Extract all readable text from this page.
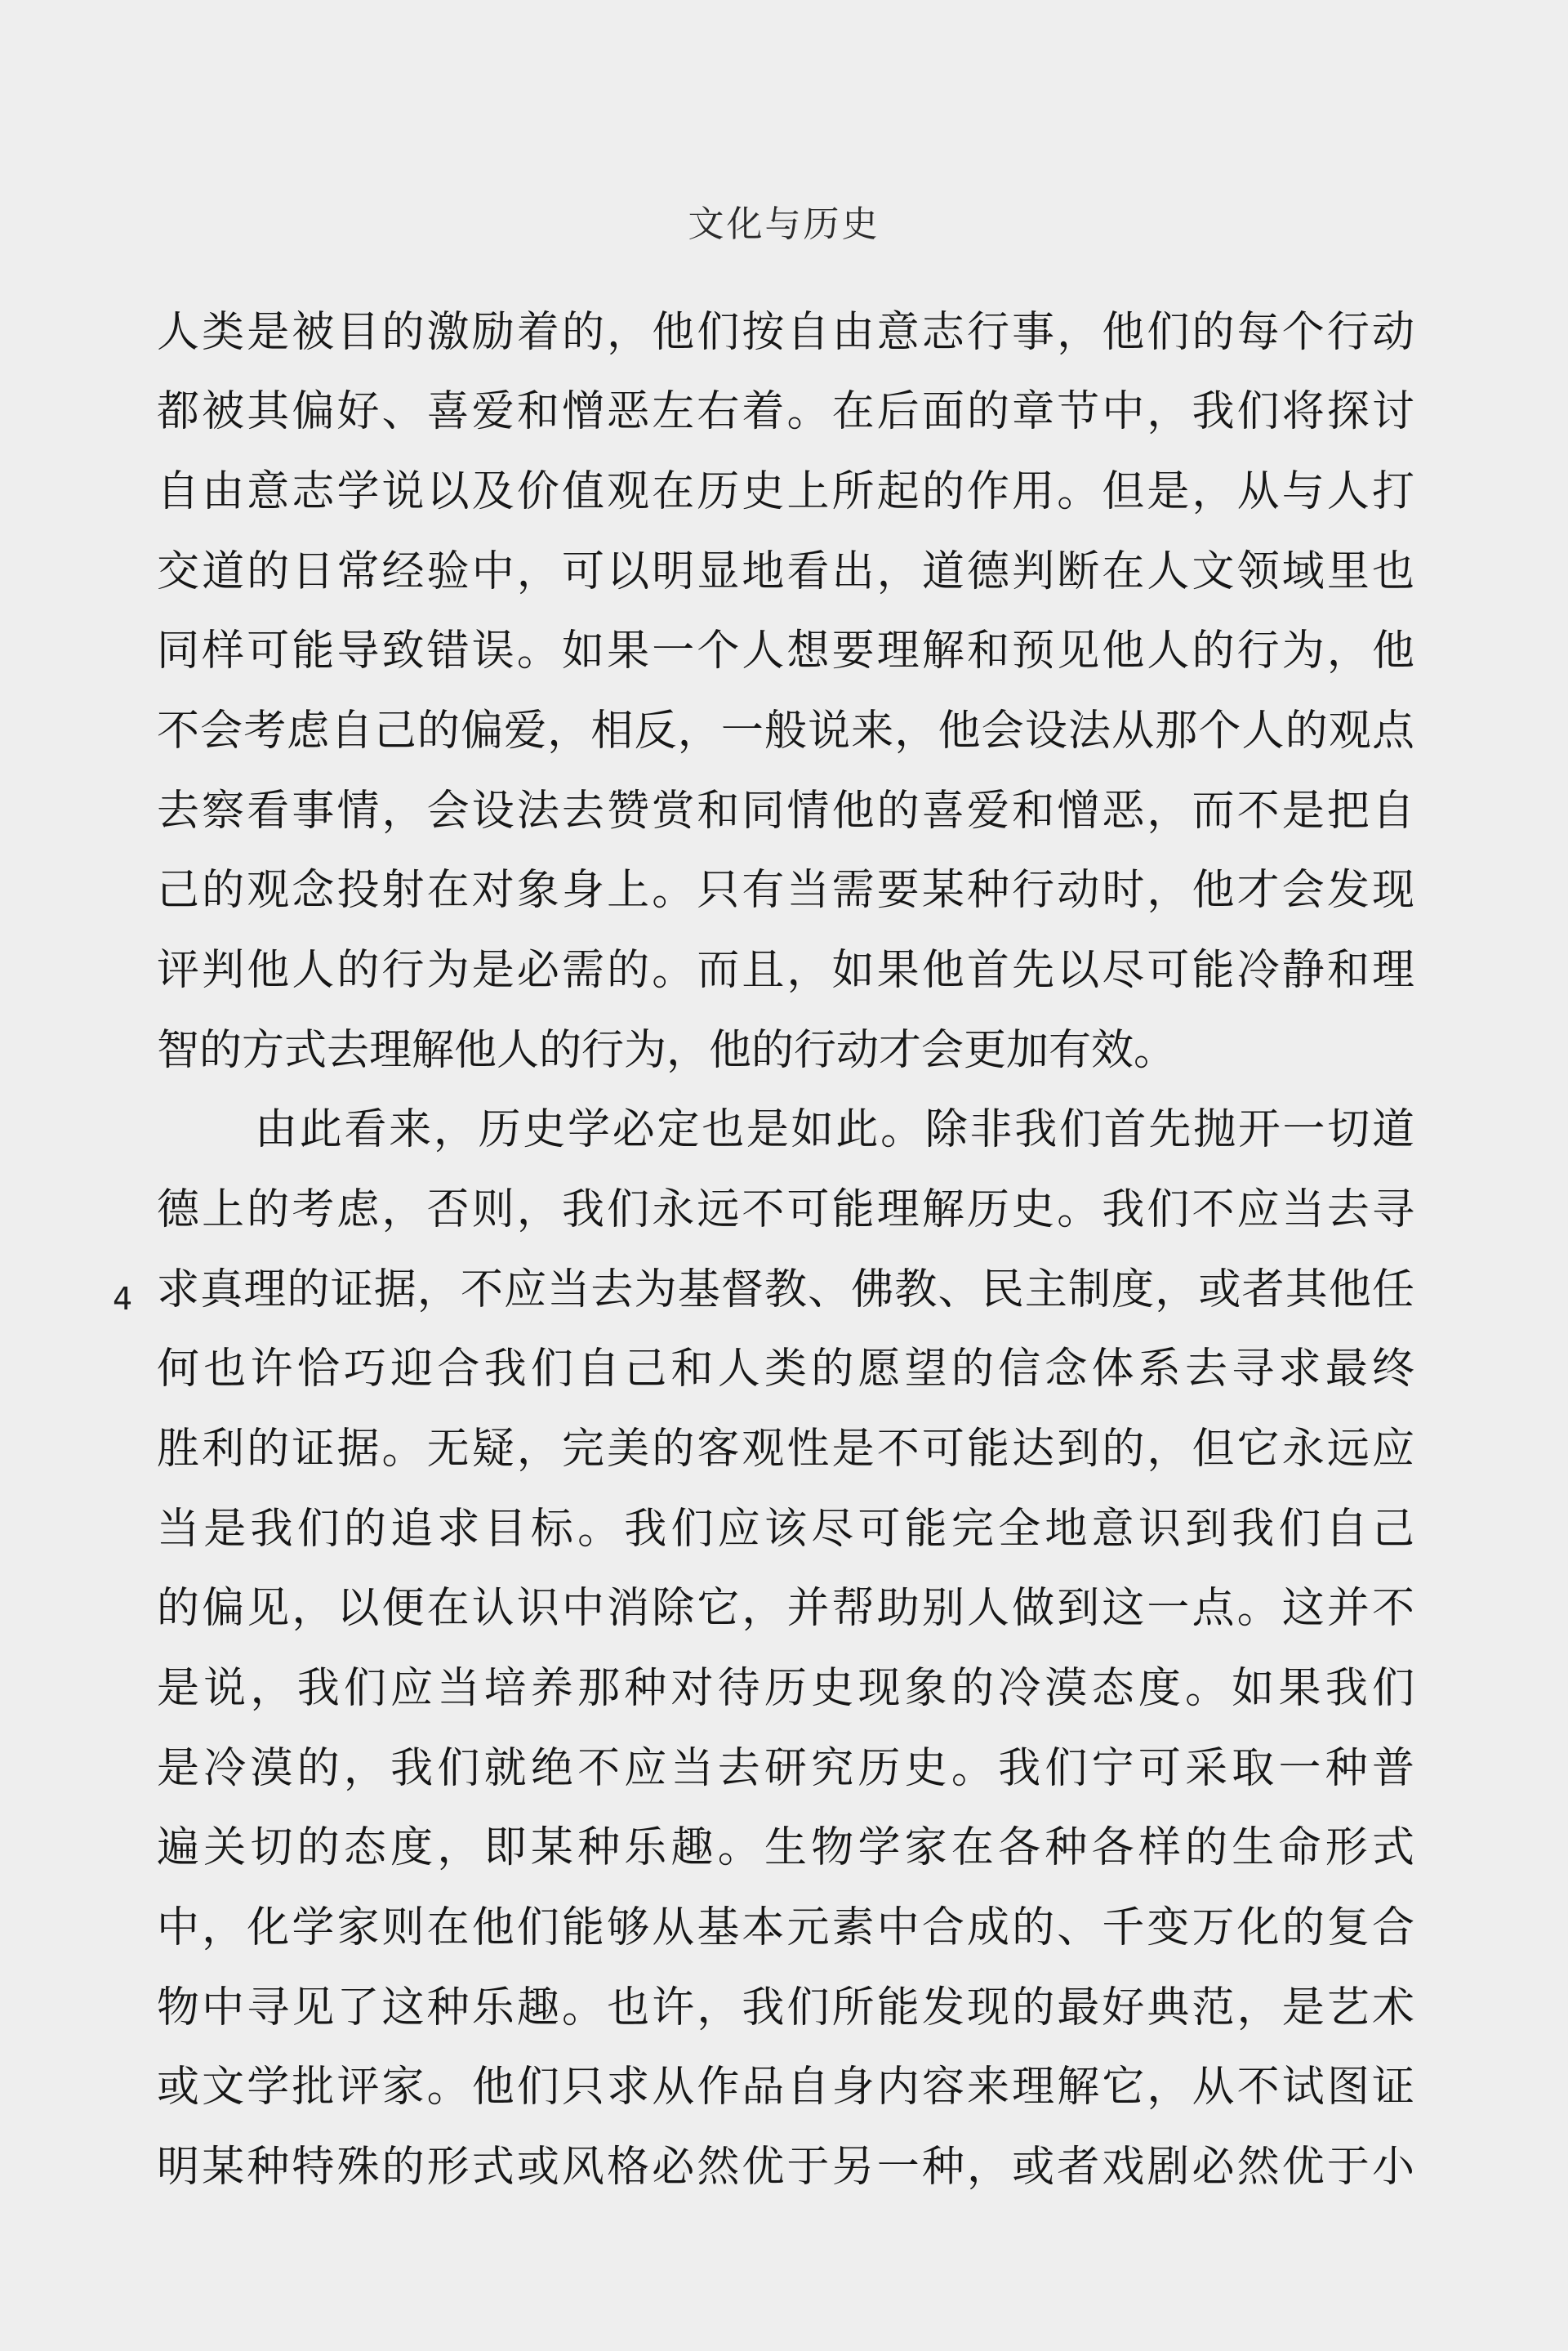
文化与历史
4
人类是被目的激励着的，他们按自由意志行事，他们的每个行动
都被其偏好、喜爱和憎恶左右着。在后面的章节中，我们将探讨
自由意志学说以及价值观在历史上所起的作用。但是，从与人打
交道的日常经验中，可以明显地看出，道德判断在人文领域里也
同样可能导致错误。如果一个人想要理解和预见他人的行为，他
不会考虑自己的偏爱，相反，一般说来，他会设法从那个人的观点
去察看事情，会设法去赞赏和同情他的喜爱和憎恶，而不是把自
己的观念投射在对象身上。只有当需要某种行动时，他才会发现
评判他人的行为是必需的。而且，如果他首先以尽可能冷静和理
智的方式去理解他人的行为，他的行动才会更加有效。
由此看来，历史学必定也是如此。除非我们首先抛开一切道
德上的考虑，否则，我们永远不可能理解历史。我们不应当去寻
求真理的证据，不应当去为基督教、佛教、民主制度，或者其他任
何也许恰巧迎合我们自己和人类的愿望的信念体系去寻求最终
胜利的证据。无疑，完美的客观性是不可能达到的，但它永远应
当是我们的追求目标。我们应该尽可能完全地意识到我们自己
的偏见，以便在认识中消除它，并帮助别人做到这一点。这并不
是说，我们应当培养那种对待历史现象的冷漠态度。如果我们
是冷漠的，我们就绝不应当去研究历史。我们宁可采取一种普
遍关切的态度，即某种乐趣。生物学家在各种各样的生命形式
中，化学家则在他们能够从基本元素中合成的、千变万化的复合
物中寻见了这种乐趣。也许，我们所能发现的最好典范，是艺术
或文学批评家。他们只求从作品自身内容来理解它，从不试图证
明某种特殊的形式或风格必然优于另一种，或者戏剧必然优于小
